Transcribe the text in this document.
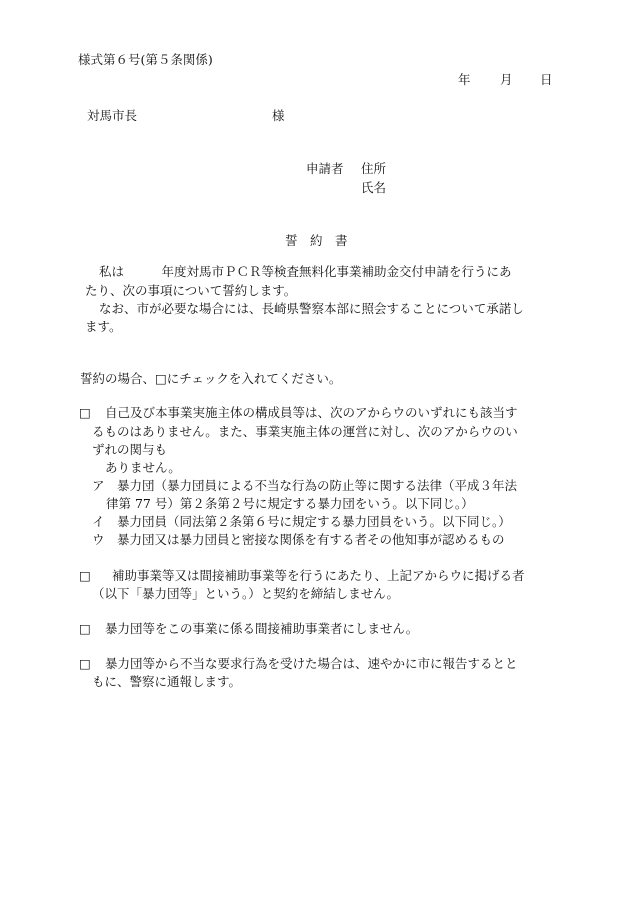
様式第６号(第５条関係)
年 月 日
対馬市長	様
申請者 住所
氏名
誓　約　書
私は　　　年度対馬市ＰＣＲ等検査無料化事業補助金交付申請を行うにあ
たり、次の事項について誓約します。
なお、市が必要な場合には、長崎県警察本部に照会することについて承諾し
ます。
誓約の場合、□にチェックを入れてください。
□ 自己及び本事業実施主体の構成員等は、次のアからウのいずれにも該当す
るものはありません。また、事業実施主体の運営に対し、次のアからウのい
ずれの関与も
ありません。
ア　暴力団（暴力団員による不当な行為の防止等に関する法律（平成３年法
律第 77 号）第２条第２号に規定する暴力団をいう。以下同じ。）
イ　暴力団員（同法第２条第６号に規定する暴力団員をいう。以下同じ。）
ウ　暴力団又は暴力団員と密接な関係を有する者その他知事が認めるもの
□ 補助事業等又は間接補助事業等を行うにあたり、上記アからウに掲げる者
（以下「暴力団等」という。）と契約を締結しません。
□ 暴力団等をこの事業に係る間接補助事業者にしません。
□ 暴力団等から不当な要求行為を受けた場合は、速やかに市に報告するとと
もに、警察に通報します。
